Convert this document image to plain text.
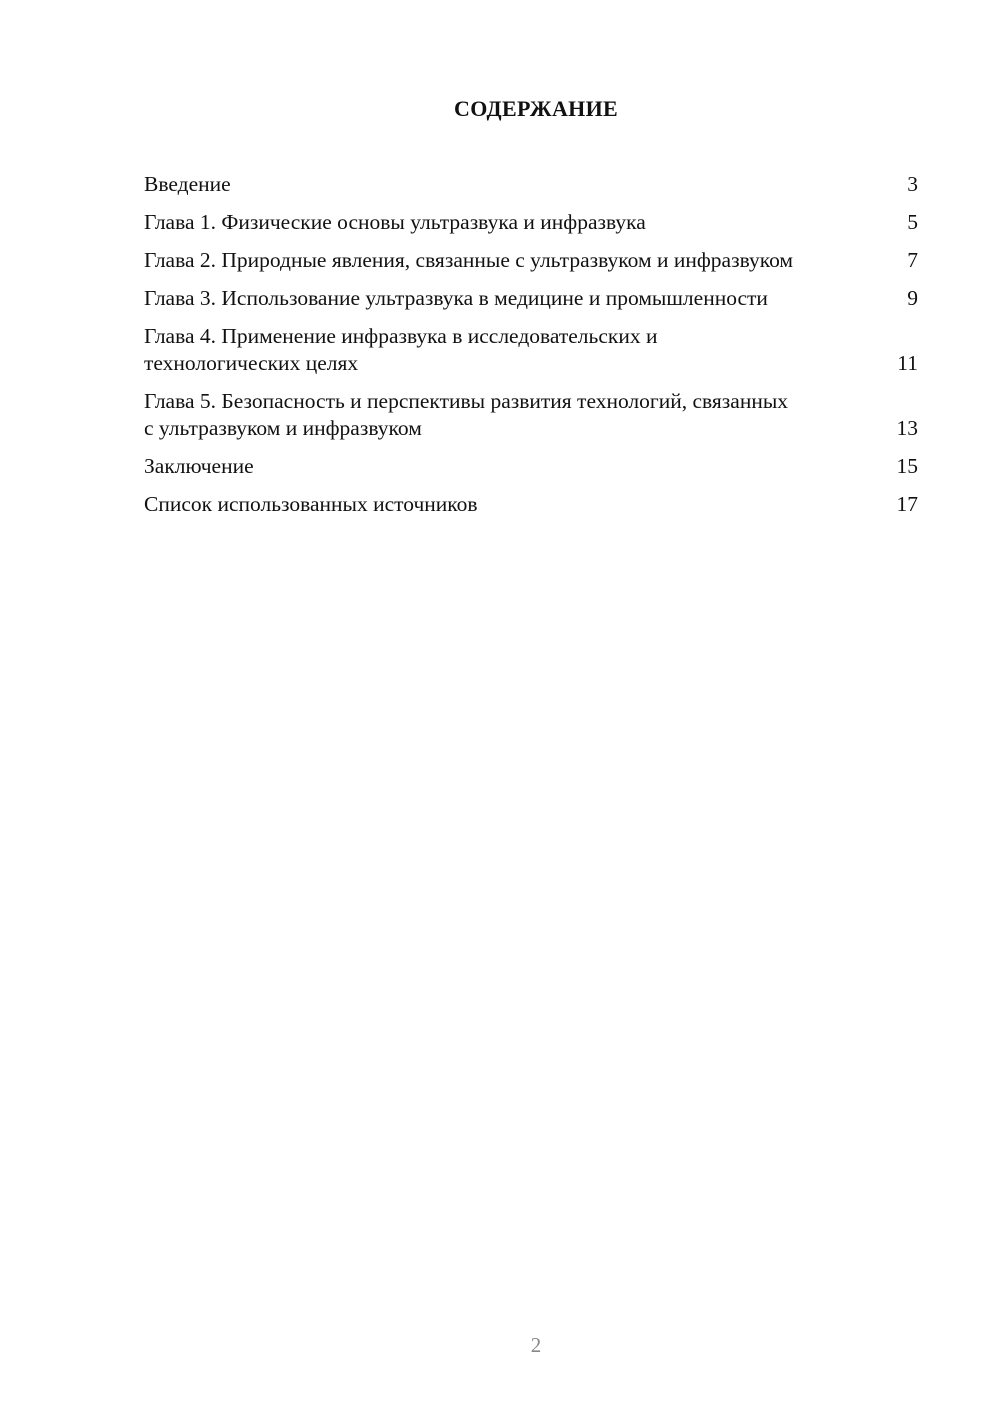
СОДЕРЖАНИЕ
Введение	3
Глава 1. Физические основы ультразвука и инфразвука	5
Глава 2. Природные явления, связанные с ультразвуком и инфразвуком	7
Глава 3. Использование ультразвука в медицине и промышленности	9
Глава 4. Применение инфразвука в исследовательских и технологических целях	11
Глава 5. Безопасность и перспективы развития технологий, связанных с ультразвуком и инфразвуком	13
Заключение	15
Список использованных источников	17
2
